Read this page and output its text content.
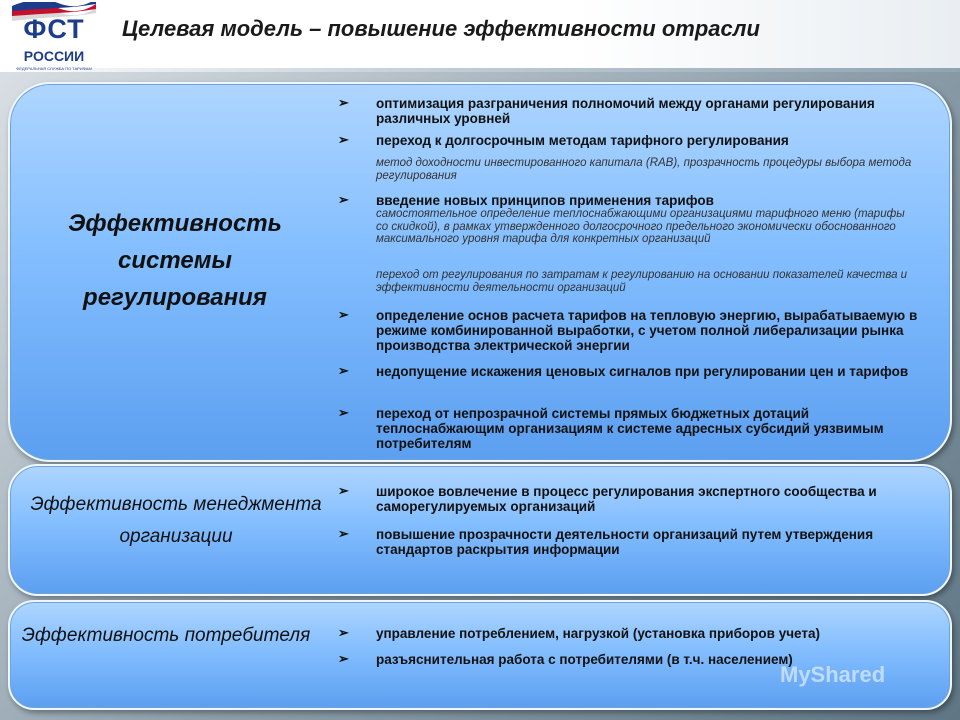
ФСТ
РОССИИ
ФЕДЕРАЛЬНАЯ СЛУЖБА ПО ТАРИФАМ
Целевая модель – повышение эффективности отрасли
Эффективность системы регулирования
➢ оптимизация разграничения полномочий между органами регулирования различных уровней
➢ переход к долгосрочным методам тарифного регулирования
метод доходности инвестированного капитала (RAB), прозрачность процедуры выбора метода регулирования
➢ введение новых принципов применения тарифов
самостоятельное определение теплоснабжающими организациями тарифного меню (тарифы со скидкой), в рамках утвержденного долгосрочного предельного экономически обоснованного максимального уровня тарифа для конкретных организаций
переход от регулирования по затратам к регулированию на основании показателей качества и эффективности деятельности организаций
➢ определение основ расчета тарифов на тепловую энергию, вырабатываемую в режиме комбинированной выработки, с учетом полной либерализации рынка производства электрической энергии
➢ недопущение искажения ценовых сигналов при регулировании цен и тарифов
➢ переход от непрозрачной системы прямых бюджетных дотаций теплоснабжающим организациям к системе адресных субсидий уязвимым потребителям
Эффективность менеджмента организации
➢ широкое вовлечение в процесс регулирования экспертного сообщества и саморегулируемых организаций
➢ повышение прозрачности деятельности организаций путем утверждения стандартов раскрытия информации
Эффективность потребителя	➢ управление потреблением, нагрузкой (установка приборов учета)
➢ разъяснительная работа с потребителями (в т.ч. населением)
MyShared
